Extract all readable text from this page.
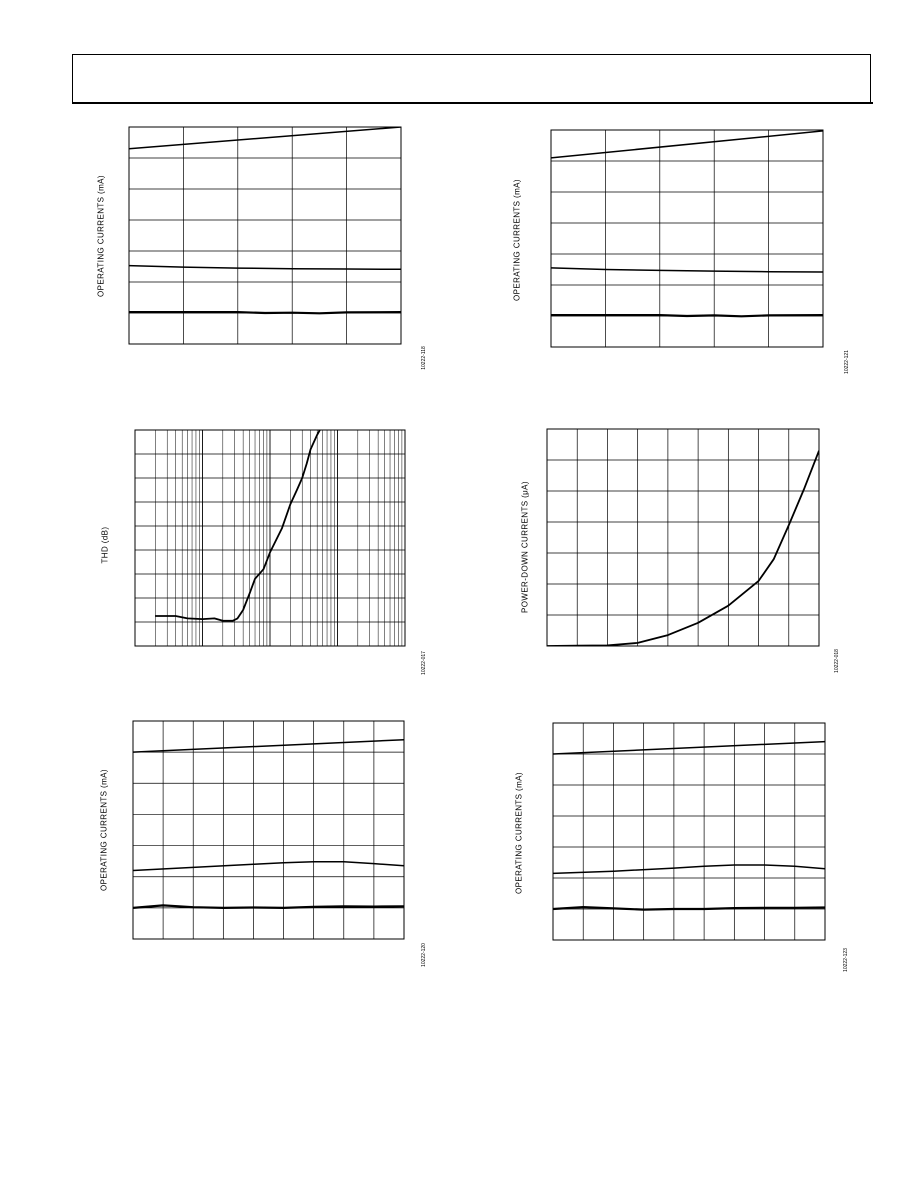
OPERATING CURRENTS (mA)
10222-118
OPERATING CURRENTS (mA)
10222-121
THD (dB)
10222-017
POWER-DOWN CURRENTS (μA)
10222-018
OPERATING CURRENTS (mA)
10222-120
OPERATING CURRENTS (mA)
10222-123
